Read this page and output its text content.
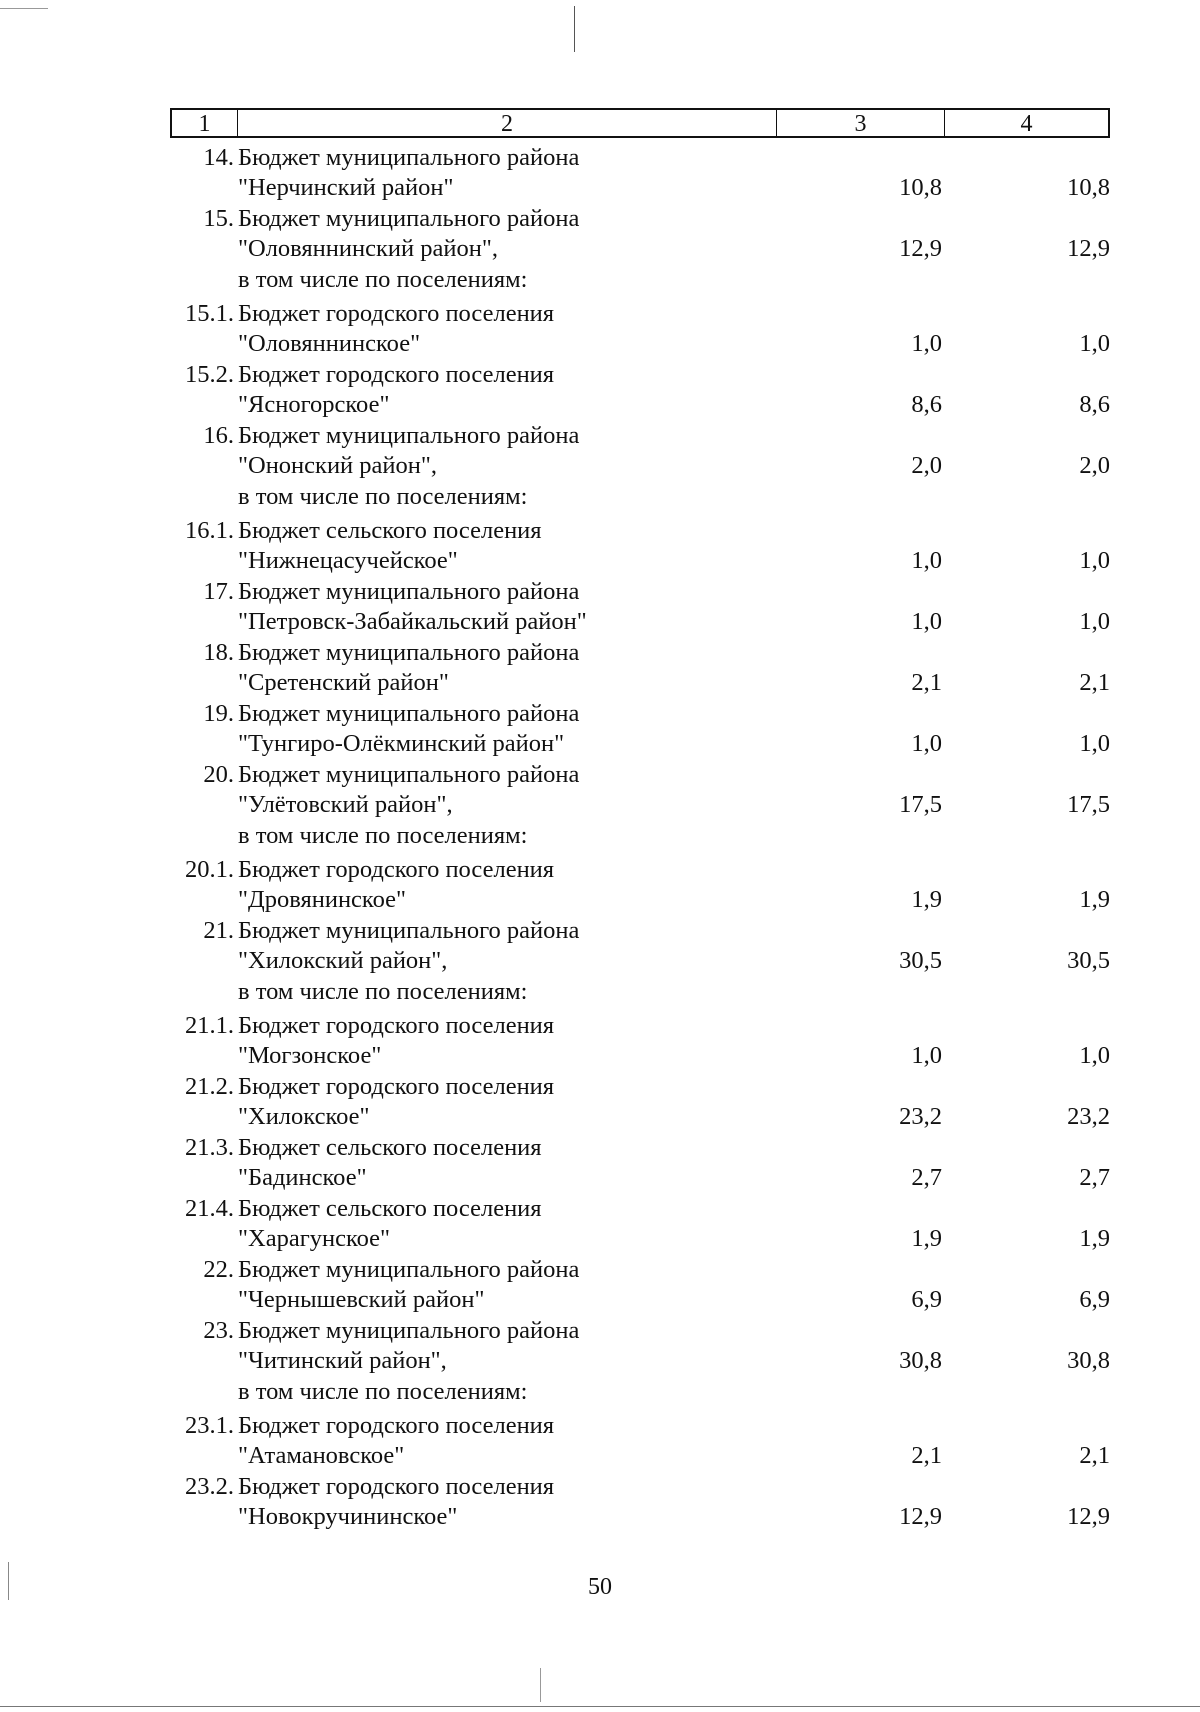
1	2	3	4
14. Бюджет муниципального района
"Нерчинский район"	10,8	10,8
15. Бюджет муниципального района
"Оловяннинский район",	12,9	12,9
в том числе по поселениям:
15.1. Бюджет городского поселения
"Оловяннинское"	1,0	1,0
15.2. Бюджет городского поселения
"Ясногорское"	8,6	8,6
16. Бюджет муниципального района
"Ононский район",	2,0	2,0
в том числе по поселениям:
16.1. Бюджет сельского поселения
"Нижнецасучейское"	1,0	1,0
17. Бюджет муниципального района
"Петровск-Забайкальский район"	1,0	1,0
18. Бюджет муниципального района
"Сретенский район"	2,1	2,1
19. Бюджет муниципального района
"Тунгиро-Олёкминский район"	1,0	1,0
20. Бюджет муниципального района
"Улётовский район",	17,5	17,5
в том числе по поселениям:
20.1. Бюджет городского поселения
"Дровянинское"	1,9	1,9
21. Бюджет муниципального района
"Хилокский район",	30,5	30,5
в том числе по поселениям:
21.1. Бюджет городского поселения
"Могзонское"	1,0	1,0
21.2. Бюджет городского поселения
"Хилокское"	23,2	23,2
21.3. Бюджет сельского поселения
"Бадинское"	2,7	2,7
21.4. Бюджет сельского поселения
"Харагунское"	1,9	1,9
22. Бюджет муниципального района
"Чернышевский район"	6,9	6,9
23. Бюджет муниципального района
"Читинский район",	30,8	30,8
в том числе по поселениям:
23.1. Бюджет городского поселения
"Атамановское"	2,1	2,1
23.2. Бюджет городского поселения
"Новокручининское"	12,9	12,9
50
